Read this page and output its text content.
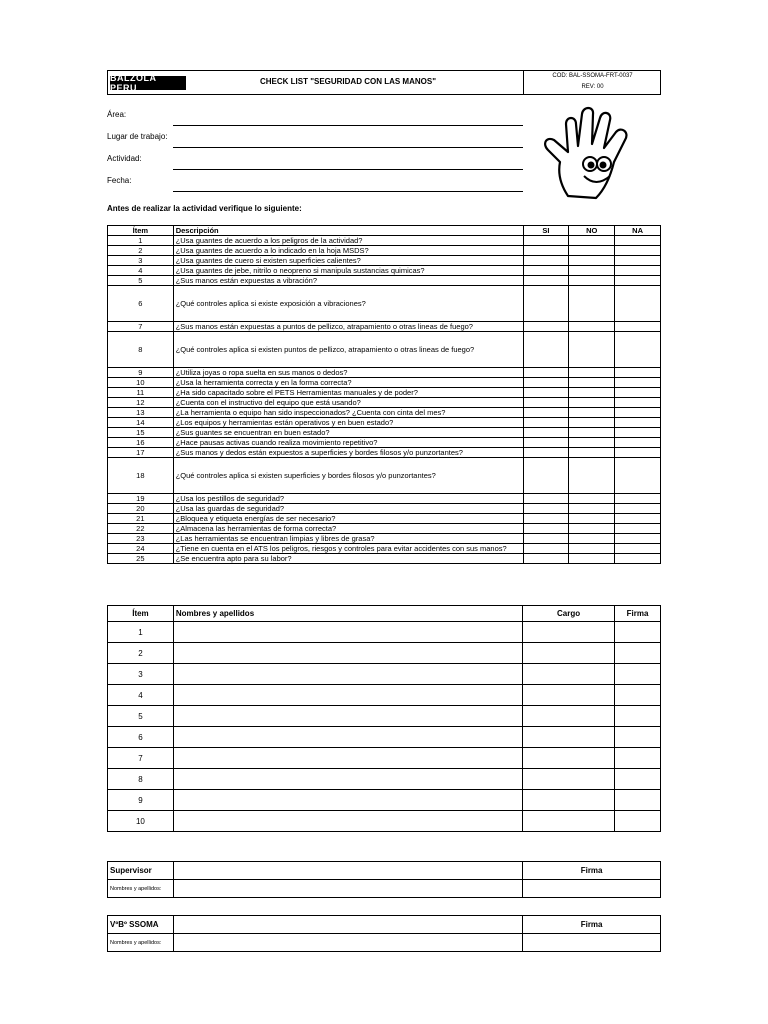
BALZOLA PERU
CHECK LIST "SEGURIDAD CON LAS MANOS"
COD: BAL-SSOMA-FRT-0037
REV: 00
Área:
Lugar de trabajo:
Actividad:
Fecha:
Antes de realizar la actividad verifique lo siguiente:
Ítem	Descripción	SI	NO	NA
1	¿Usa guantes de acuerdo a los peligros de la actividad?			
2	¿Usa guantes de acuerdo a lo indicado en la hoja MSDS?			
3	¿Usa guantes de cuero si existen superficies calientes?			
4	¿Usa guantes de jebe, nitrilo o neopreno si manipula sustancias quimicas?			
5	¿Sus manos están expuestas a vibración?			
6	¿Qué controles aplica si existe exposición a vibraciones?			
7	¿Sus manos están expuestas a puntos de pellizco, atrapamiento o otras lineas de fuego?			
8	¿Qué controles aplica si existen puntos de pellizco, atrapamiento o otras lineas de fuego?			
9	¿Utiliza joyas o ropa suelta en sus manos o dedos?			
10	¿Usa la herramienta correcta y en la forma correcta?			
11	¿Ha sido capacitado sobre el PETS Herramientas manuales y de poder?			
12	¿Cuenta con el instructivo del equipo que está usando?			
13	¿La herramienta o equipo han sido inspeccionados? ¿Cuenta con cinta del mes?			
14	¿Los equipos y herramientas están operativos y en buen estado?			
15	¿Sus guantes se encuentran en buen estado?			
16	¿Hace pausas activas cuando realiza movimiento repetitivo?			
17	¿Sus manos y dedos están expuestos a superficies y bordes filosos y/o punzortantes?			
18	¿Qué controles aplica si existen superficies y bordes filosos y/o punzortantes?			
19	¿Usa los pestillos de seguridad?			
20	¿Usa las guardas de seguridad?			
21	¿Bloquea y etiqueta energías de ser necesario?			
22	¿Almacena las herramientas de forma correcta?			
23	¿Las herramientas se encuentran limpias y libres de grasa?			
24	¿Tiene en cuenta en el ATS los peligros, riesgos y controles para evitar accidentes con sus manos?			
25	¿Se encuentra apto para su labor?			
Ítem	Nombres y apellidos	Cargo	Firma
1			
2			
3			
4			
5			
6			
7			
8			
9			
10			
Supervisor		Firma
Nombres y apellidos:		
VºBº SSOMA		Firma
Nombres y apellidos:		
